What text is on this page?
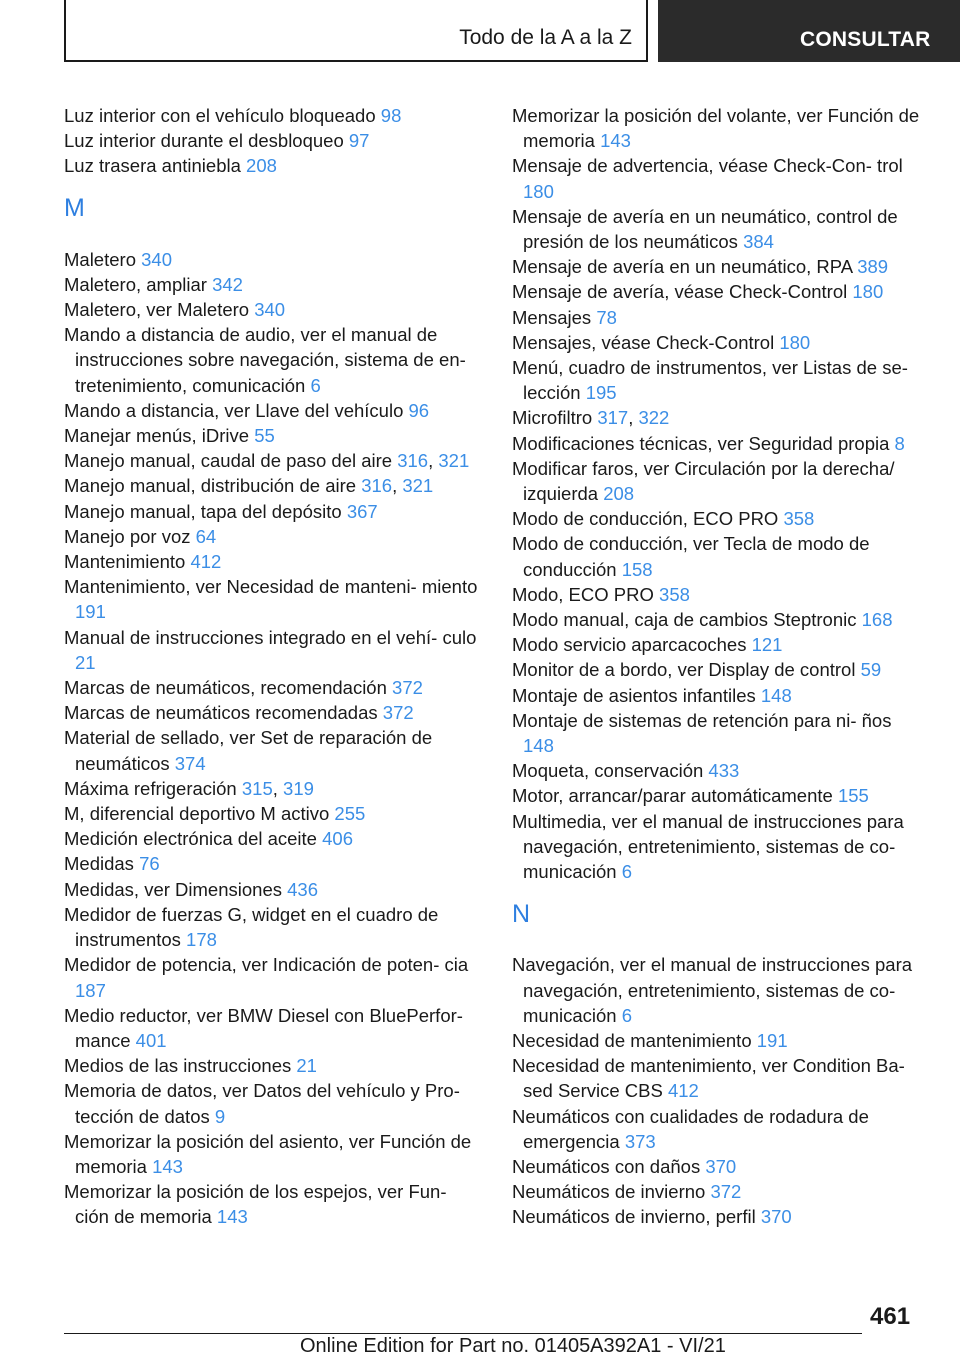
Todo de la A a la Z	CONSULTAR

Luz interior con el vehículo bloqueado 98

Luz interior durante el desbloqueo 97

Luz trasera antiniebla 208

M

Maletero 340

Maletero, ampliar 342

Maletero, ver Maletero 340

Mando a distancia de audio, ver el manual de instrucciones sobre navegación, sistema de en‐ tretenimiento, comunicación 6

Mando a distancia, ver Llave del vehículo 96

Manejar menús, iDrive 55

Manejo manual, caudal de paso del aire 316, 321

Manejo manual, distribución de aire 316, 321

Manejo manual, tapa del depósito 367

Manejo por voz 64

Mantenimiento 412

Mantenimiento, ver Necesidad de manteni‐ miento 191

Manual de instrucciones integrado en el vehí‐ culo 21

Marcas de neumáticos, recomendación 372

Marcas de neumáticos recomendadas 372

Material de sellado, ver Set de reparación de neumáticos 374

Máxima refrigeración 315, 319

M, diferencial deportivo M activo 255

Medición electrónica del aceite 406

Medidas 76

Medidas, ver Dimensiones 436

Medidor de fuerzas G, widget en el cuadro de instrumentos 178

Medidor de potencia, ver Indicación de poten‐ cia 187

Medio reductor, ver BMW Diesel con BluePerfor‐ mance 401

Medios de las instrucciones 21

Memoria de datos, ver Datos del vehículo y Pro‐ tección de datos 9

Memorizar la posición del asiento, ver Función de memoria 143

Memorizar la posición de los espejos, ver Fun‐ ción de memoria 143

Memorizar la posición del volante, ver Función de memoria 143

Mensaje de advertencia, véase Check-Con‐ trol 180

Mensaje de avería en un neumático, control de presión de los neumáticos 384

Mensaje de avería en un neumático, RPA 389

Mensaje de avería, véase Check-Control 180

Mensajes 78

Mensajes, véase Check-Control 180

Menú, cuadro de instrumentos, ver Listas de se‐ lección 195

Microfiltro 317, 322

Modificaciones técnicas, ver Seguridad propia 8

Modificar faros, ver Circulación por la derecha/ izquierda 208

Modo de conducción, ECO PRO 358

Modo de conducción, ver Tecla de modo de conducción 158

Modo, ECO PRO 358

Modo manual, caja de cambios Steptronic 168

Modo servicio aparcacoches 121

Monitor de a bordo, ver Display de control 59

Montaje de asientos infantiles 148

Montaje de sistemas de retención para ni‐ ños 148

Moqueta, conservación 433

Motor, arrancar/parar automáticamente 155

Multimedia, ver el manual de instrucciones para navegación, entretenimiento, sistemas de co‐ municación 6

N

Navegación, ver el manual de instrucciones para navegación, entretenimiento, sistemas de co‐ municación 6

Necesidad de mantenimiento 191

Necesidad de mantenimiento, ver Condition Ba‐ sed Service CBS 412

Neumáticos con cualidades de rodadura de emergencia 373

Neumáticos con daños 370

Neumáticos de invierno 372

Neumáticos de invierno, perfil 370

461
Online Edition for Part no. 01405A392A1 - VI/21
